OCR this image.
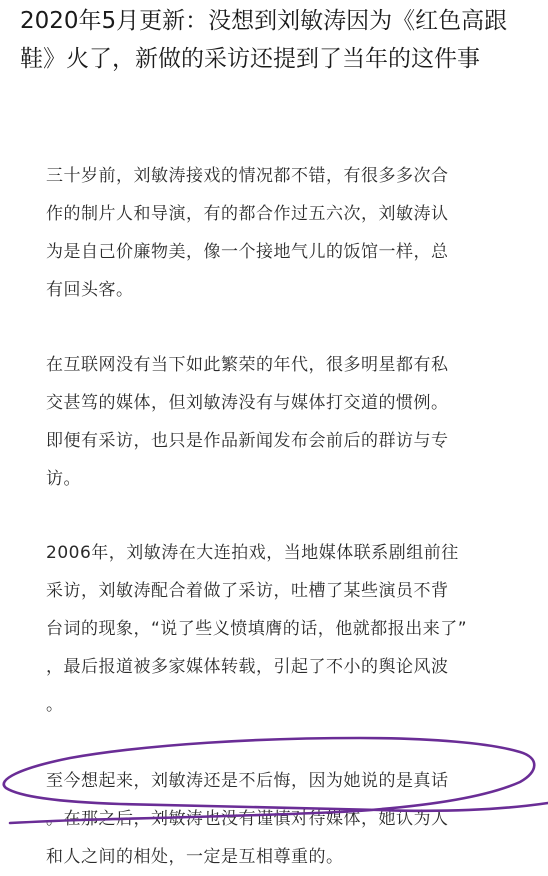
2020年5月更新：没想到刘敏涛因为《红色高跟
鞋》火了，新做的采访还提到了当年的这件事

三十岁前，刘敏涛接戏的情况都不错，有很多多次合
作的制片人和导演，有的都合作过五六次，刘敏涛认
为是自己价廉物美，像一个接地气儿的饭馆一样，总
有回头客。

在互联网没有当下如此繁荣的年代，很多明星都有私
交甚笃的媒体，但刘敏涛没有与媒体打交道的惯例。
即便有采访，也只是作品新闻发布会前后的群访与专
访。

2006年，刘敏涛在大连拍戏，当地媒体联系剧组前往
采访，刘敏涛配合着做了采访，吐槽了某些演员不背
台词的现象，“说了些义愤填膺的话，他就都报出来了”
，最后报道被多家媒体转载，引起了不小的舆论风波
。

至今想起来，刘敏涛还是不后悔，因为她说的是真话
。在那之后，刘敏涛也没有谨慎对待媒体，她认为人
和人之间的相处，一定是互相尊重的。
